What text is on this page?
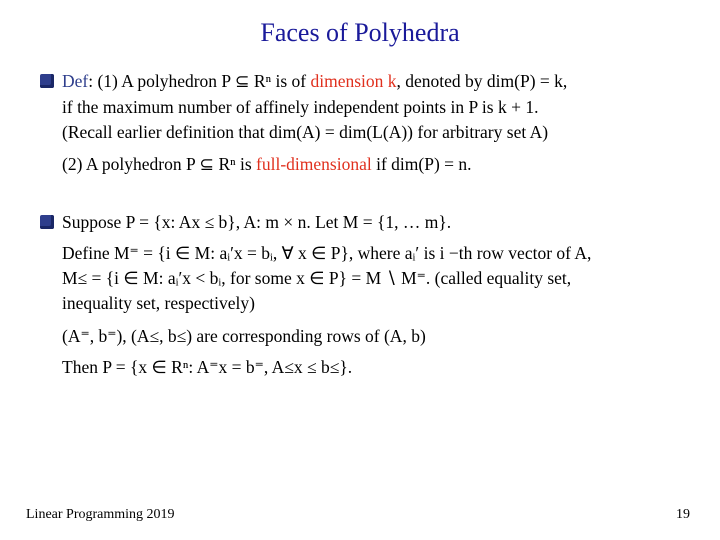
Faces of Polyhedra
Def: (1) A polyhedron P ⊆ Rⁿ is of dimension k, denoted by dim(P) = k,
if the maximum number of affinely independent points in P is k + 1.
(Recall earlier definition that dim(A) = dim(L(A)) for arbitrary set A)
(2) A polyhedron P ⊆ Rⁿ is full-dimensional if dim(P) = n.
Suppose P = {x: Ax ≤ b}, A: m × n. Let M = {1, … m}.
Define M⁼ = {i ∈ M: aᵢ′x = bᵢ, ∀ x ∈ P}, where aᵢ′ is i −th row vector of A,
M≤ = {i ∈ M: aᵢ′x < bᵢ, for some x ∈ P} = M ∖ M⁼. (called equality set,
inequality set, respectively)
(A⁼, b⁼), (A≤, b≤) are corresponding rows of (A, b)
Then P = {x ∈ Rⁿ: A⁼x = b⁼, A≤x ≤ b≤}.
Linear Programming 2019	19
